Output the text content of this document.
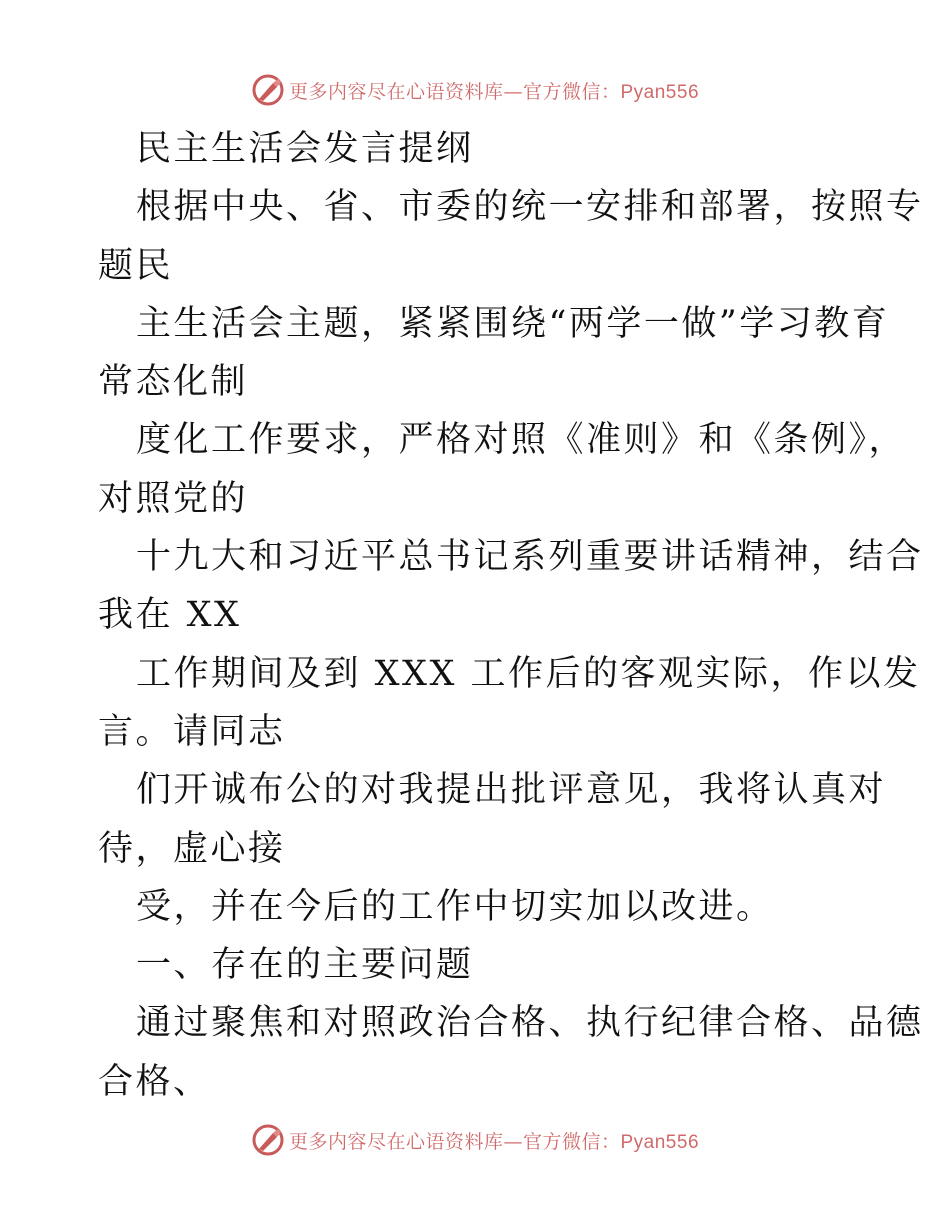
更多内容尽在心语资料库—官方微信：Pyan556
民主生活会发言提纲
根据中央、省、市委的统一安排和部署，按照专
题民
主生活会主题，紧紧围绕“两学一做”学习教育
常态化制
度化工作要求，严格对照《准则》和《条例》，
对照党的
十九大和习近平总书记系列重要讲话精神，结合
我在 XX
工作期间及到 XXX 工作后的客观实际，作以发
言。请同志
们开诚布公的对我提出批评意见，我将认真对
待，虚心接
受，并在今后的工作中切实加以改进。
一、存在的主要问题
通过聚焦和对照政治合格、执行纪律合格、品德
合格、
更多内容尽在心语资料库—官方微信：Pyan556
